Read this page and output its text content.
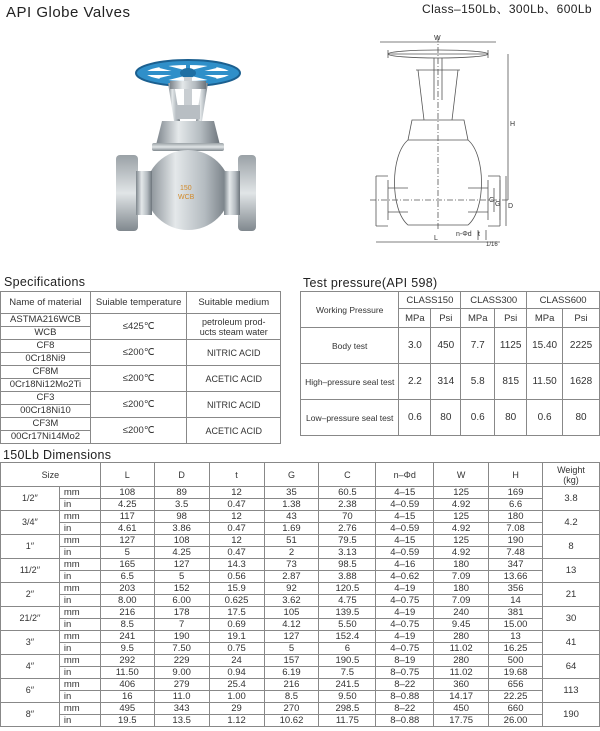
API Globe Valves	Class–150Lb、300Lb、600Lb
150
WCB
W
H
C
G D
n-Φd
L
t
1/16
Specifications	Test pressure(API 598)
150Lb Dimensions
Name of material	Suiable temperature	Suitable medium
ASTMA216WCB	≤425℃	petroleum prod-
ucts steam water
WCB		
CF8	≤200℃	NITRIC ACID
0Cr18Ni9		
CF8M	≤200℃	ACETIC ACID
0Cr18Ni12Mo2Ti		
CF3	≤200℃	NITRIC ACID
00Cr18Ni10		
CF3M	≤200℃	ACETIC ACID
00Cr17Ni14Mo2		
Working Pressure	CLASS150		CLASS300		CLASS600	
	MPa	Psi	MPa	Psi	MPa	Psi
Body test	3.0	450	7.7	1125	15.40	2225
High–pressure seal test	2.2	314	5.8	815	11.50	1628
Low–pressure seal test	0.6	80	0.6	80	0.6	80
Size		L	D	t	G	C	n–Φd	W	H	Weight
(kg)
1/2′′	mm	108	89	12	35	60.5	4–15	125	169	3.8
	in	4.25	3.5	0.47	1.38	2.38	4–0.59	4.92	6.6	
3/4′′	mm	117	98	12	43	70	4–15	125	180	4.2
	in	4.61	3.86	0.47	1.69	2.76	4–0.59	4.92	7.08	
1′′	mm	127	108	12	51	79.5	4–15	125	190	8
	in	5	4.25	0.47	2	3.13	4–0.59	4.92	7.48	
11/2′′	mm	165	127	14.3	73	98.5	4–16	180	347	13
	in	6.5	5	0.56	2.87	3.88	4–0.62	7.09	13.66	
2′′	mm	203	152	15.9	92	120.5	4–19	180	356	21
	in	8.00	6.00	0.625	3.62	4.75	4–0.75	7.09	14	
21/2′′	mm	216	178	17.5	105	139.5	4–19	240	381	30
	in	8.5	7	0.69	4.12	5.50	4–0.75	9.45	15.00	
3′′	mm	241	190	19.1	127	152.4	4–19	280	13	41
	in	9.5	7.50	0.75	5	6	4–0.75	11.02	16.25	
4′′	mm	292	229	24	157	190.5	8–19	280	500	64
	in	11.50	9.00	0.94	6.19	7.5	8–0.75	11.02	19.68	
6′′	mm	406	279	25.4	216	241.5	8–22	360	656	113
	in	16	11.0	1.00	8.5	9.50	8–0.88	14.17	22.25	
8′′	mm	495	343	29	270	298.5	8–22	450	660	190
	in	19.5	13.5	1.12	10.62	11.75	8–0.88	17.75	26.00	
